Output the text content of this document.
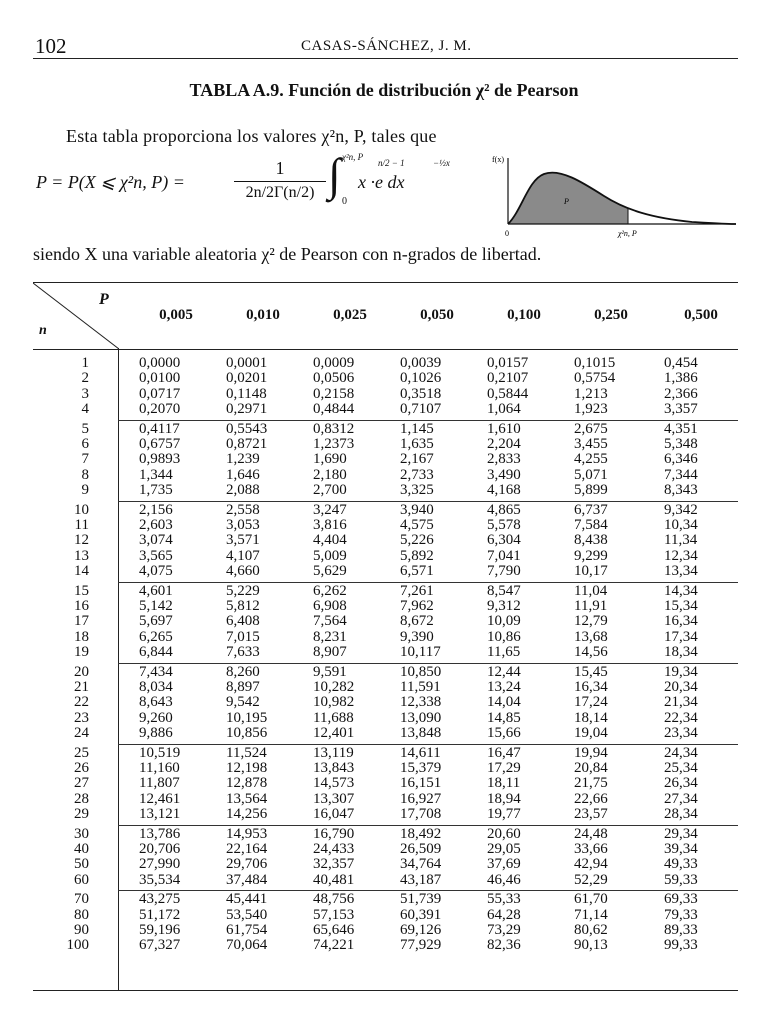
102	CASAS-SÁNCHEZ, J. M.
TABLA A.9. Función de distribución χ² de Pearson
Esta tabla proporciona los valores χ²n, P, tales que
P = P(X ⩽ χ²n, P) =
1
2n/2Γ(n/2) ∫ χ²n, P
0
n/2 − 1	−½x
x ·e dx
f(x)
P
0	χ²n, P
siendo X una variable aleatoria χ² de Pearson con n-grados de libertad.
P
n
0,005	0,010	0,025	0,050	0,100	0,250	0,500
1	0,0000	0,0001	0,0009	0,0039	0,0157	0,1015	0,454
2	0,0100	0,0201	0,0506	0,1026	0,2107	0,5754	1,386
3	0,0717	0,1148	0,2158	0,3518	0,5844	1,213	2,366
4	0,2070	0,2971	0,4844	0,7107	1,064	1,923	3,357
5	0,4117	0,5543	0,8312	1,145	1,610	2,675	4,351
6	0,6757	0,8721	1,2373	1,635	2,204	3,455	5,348
7	0,9893	1,239	1,690	2,167	2,833	4,255	6,346
8	1,344	1,646	2,180	2,733	3,490	5,071	7,344
9	1,735	2,088	2,700	3,325	4,168	5,899	8,343
10	2,156	2,558	3,247	3,940	4,865	6,737	9,342
11	2,603	3,053	3,816	4,575	5,578	7,584	10,34
12	3,074	3,571	4,404	5,226	6,304	8,438	11,34
13	3,565	4,107	5,009	5,892	7,041	9,299	12,34
14	4,075	4,660	5,629	6,571	7,790	10,17	13,34
15	4,601	5,229	6,262	7,261	8,547	11,04	14,34
16	5,142	5,812	6,908	7,962	9,312	11,91	15,34
17	5,697	6,408	7,564	8,672	10,09	12,79	16,34
18	6,265	7,015	8,231	9,390	10,86	13,68	17,34
19	6,844	7,633	8,907	10,117	11,65	14,56	18,34
20	7,434	8,260	9,591	10,850	12,44	15,45	19,34
21	8,034	8,897	10,282	11,591	13,24	16,34	20,34
22	8,643	9,542	10,982	12,338	14,04	17,24	21,34
23	9,260	10,195	11,688	13,090	14,85	18,14	22,34
24	9,886	10,856	12,401	13,848	15,66	19,04	23,34
25	10,519	11,524	13,119	14,611	16,47	19,94	24,34
26	11,160	12,198	13,843	15,379	17,29	20,84	25,34
27	11,807	12,878	14,573	16,151	18,11	21,75	26,34
28	12,461	13,564	13,307	16,927	18,94	22,66	27,34
29	13,121	14,256	16,047	17,708	19,77	23,57	28,34
30	13,786	14,953	16,790	18,492	20,60	24,48	29,34
40	20,706	22,164	24,433	26,509	29,05	33,66	39,34
50	27,990	29,706	32,357	34,764	37,69	42,94	49,33
60	35,534	37,484	40,481	43,187	46,46	52,29	59,33
70	43,275	45,441	48,756	51,739	55,33	61,70	69,33
80	51,172	53,540	57,153	60,391	64,28	71,14	79,33
90	59,196	61,754	65,646	69,126	73,29	80,62	89,33
100	67,327	70,064	74,221	77,929	82,36	90,13	99,33
